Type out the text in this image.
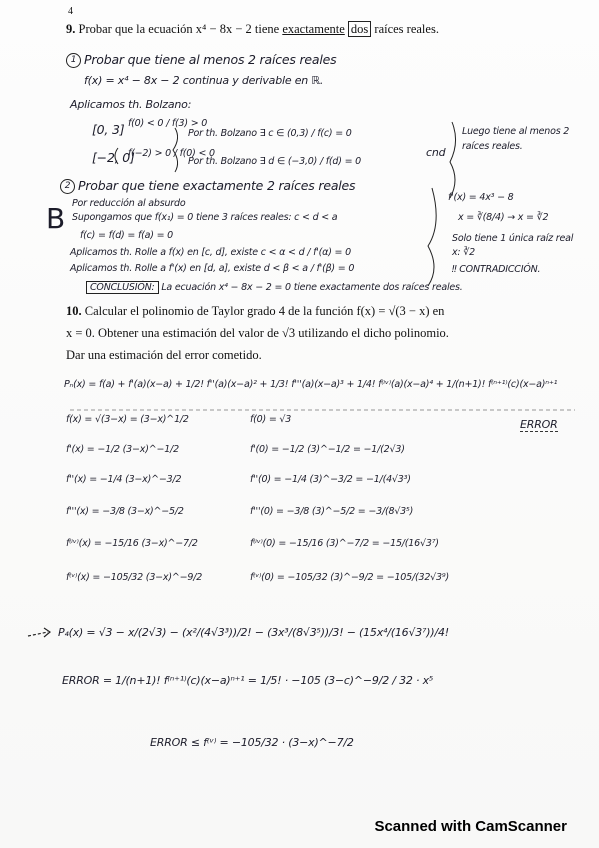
4
9. Probar que la ecuación x⁴ − 8x − 2 tiene exactamente dos raíces reales.
1 Probar que tiene al menos 2 raíces reales
f(x) = x⁴ − 8x − 2 continua y derivable en ℝ.
Aplicamos th. Bolzano:
[0, 3] f(0) < 0 / f(3) > 0
Por th. Bolzano ∃ c ∈ (0,3) / f(c) = 0
[−2, 0]
f(−2) > 0 / f(0) < 0
Por th. Bolzano ∃ d ∈ (−3,0) / f(d) = 0
cnd
Luego tiene al menos 2 raíces reales.
2 Probar que tiene exactamente 2 raíces reales
Por reducción al absurdo
Supongamos que f(x₁) = 0 tiene 3 raíces reales: c < d < a
f(c) = f(d) = f(a) = 0
Aplicamos th. Rolle a f(x) en [c, d], existe c < α < d / f'(α) = 0
Aplicamos th. Rolle a f'(x) en [d, a], existe d < β < a / f'(β) = 0
f'(x) = 4x³ − 8
x = ∛(8/4) → x = ∛2
Solo tiene 1 única raíz real x: ∛2
‼ CONTRADICCIÓN.
B
CONCLUSIÓN: La ecuación x⁴ − 8x − 2 = 0 tiene exactamente dos raíces reales.
10. Calcular el polinomio de Taylor grado 4 de la función f(x) = √(3 − x) en
x = 0. Obtener una estimación del valor de √3 utilizando el dicho polinomio.
Dar una estimación del error cometido.
Pₙ(x) = f(a) + f'(a)(x−a) + 1/2! f''(a)(x−a)² + 1/3! f'''(a)(x−a)³ + 1/4! f⁽ⁱᵛ⁾(a)(x−a)⁴ + 1/(n+1)! f⁽ⁿ⁺¹⁾(c)(x−a)ⁿ⁺¹
ERROR
f(x) = √(3−x) = (3−x)^1/2	f(0) = √3
f'(x) = −1/2 (3−x)^−1/2	f'(0) = −1/2 (3)^−1/2 = −1/(2√3)
f''(x) = −1/4 (3−x)^−3/2	f''(0) = −1/4 (3)^−3/2 = −1/(4√3³)
f'''(x) = −3/8 (3−x)^−5/2	f'''(0) = −3/8 (3)^−5/2 = −3/(8√3⁵)
f⁽ⁱᵛ⁾(x) = −15/16 (3−x)^−7/2	f⁽ⁱᵛ⁾(0) = −15/16 (3)^−7/2 = −15/(16√3⁷)
f⁽ᵛ⁾(x) = −105/32 (3−x)^−9/2	f⁽ᵛ⁾(0) = −105/32 (3)^−9/2 = −105/(32√3⁹)
P₄(x) = √3 − x/(2√3) − (x²/(4√3³))/2! − (3x³/(8√3⁵))/3! − (15x⁴/(16√3⁷))/4!
ERROR = 1/(n+1)! f⁽ⁿ⁺¹⁾(c)(x−a)ⁿ⁺¹ = 1/5! · −105 (3−c)^−9/2 / 32 · x⁵
ERROR ≤ f⁽ᵛ⁾ = −105/32 · (3−x)^−7/2
Scanned with CamScanner
